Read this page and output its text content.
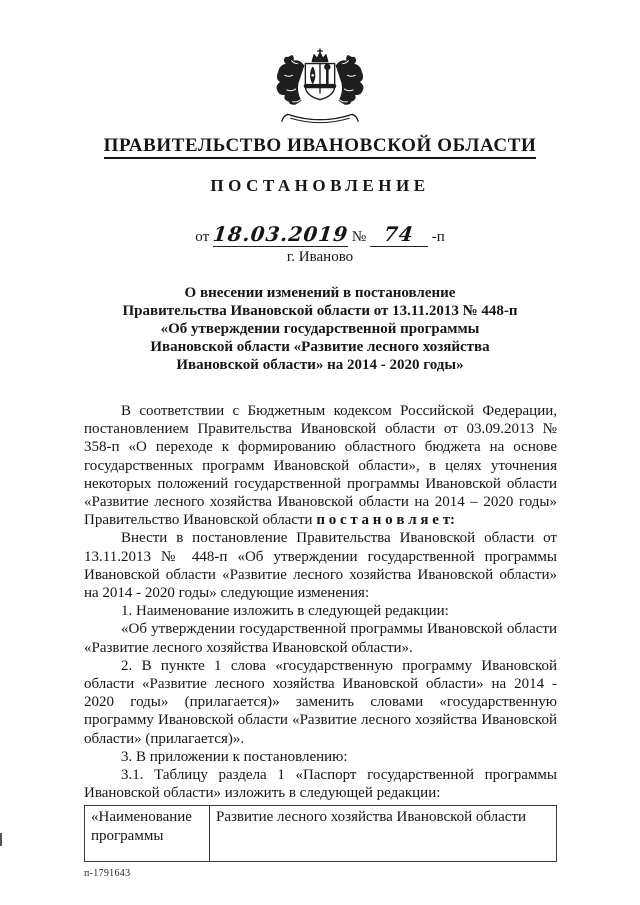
ПРАВИТЕЛЬСТВО ИВАНОВСКОЙ ОБЛАСТИ
ПОСТАНОВЛЕНИЕ
от 18.03.2019 № 74 -п
г. Иваново
О внесении изменений в постановление
Правительства Ивановской области от 13.11.2013 № 448-п
«Об утверждении государственной программы
Ивановской области «Развитие лесного хозяйства
Ивановской области» на 2014 - 2020 годы»

В соответствии с Бюджетным кодексом Российской Федерации, постановлением Правительства Ивановской области от 03.09.2013 № 358-п «О переходе к формированию областного бюджета на основе государственных программ Ивановской области», в целях уточнения некоторых положений государственной программы Ивановской области «Развитие лесного хозяйства Ивановской области на 2014 – 2020 годы» Правительство Ивановской области п о с т а н о в л я е т:

Внести в постановление Правительства Ивановской области от 13.11.2013 № 448-п «Об утверждении государственной программы Ивановской области «Развитие лесного хозяйства Ивановской области» на 2014 - 2020 годы» следующие изменения:

1. Наименование изложить в следующей редакции:

«Об утверждении государственной программы Ивановской области «Развитие лесного хозяйства Ивановской области».

2. В пункте 1 слова «государственную программу Ивановской области «Развитие лесного хозяйства Ивановской области» на 2014 - 2020 годы» (прилагается)» заменить словами «государственную программу Ивановской области «Развитие лесного хозяйства Ивановской области» (прилагается)».

3. В приложении к постановлению:

3.1. Таблицу раздела 1 «Паспорт государственной программы Ивановской области» изложить в следующей редакции:

«Наименование программы	Развитие лесного хозяйства Ивановской области
п-1791643
